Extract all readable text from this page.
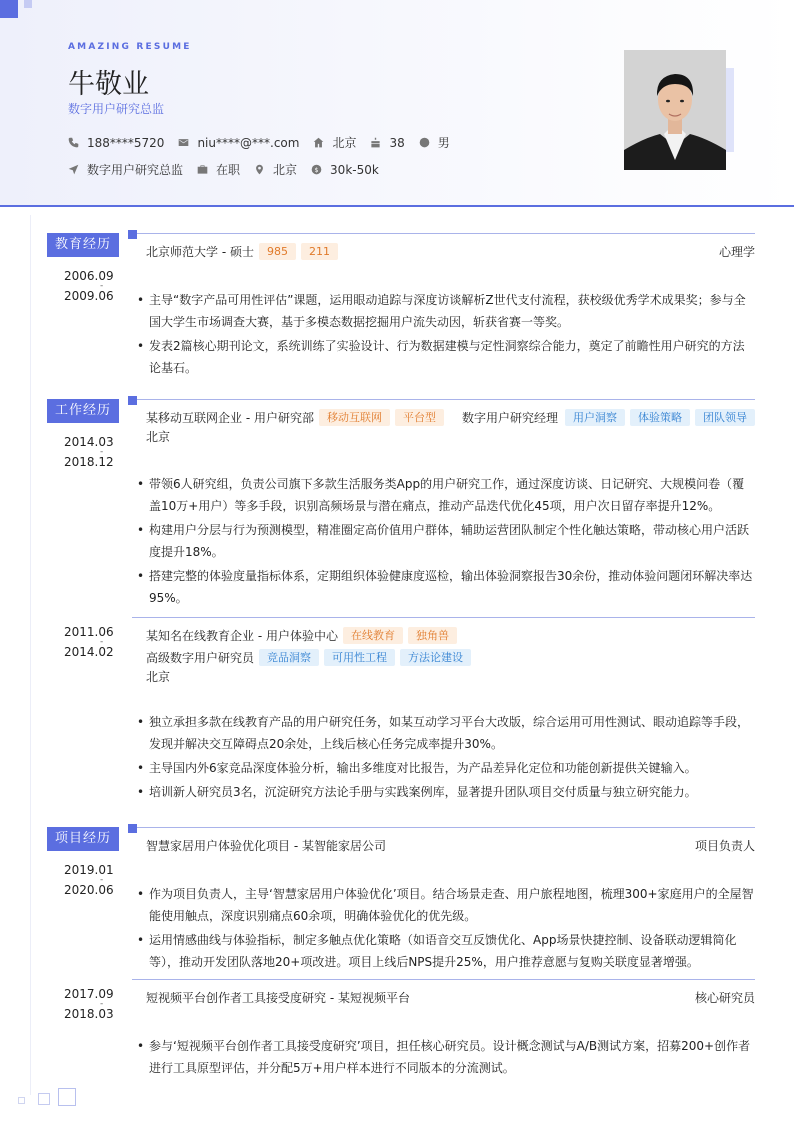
AMAZING RESUME
牛敬业
数字用户研究总监
188****5720	niu****@***.com	北京	38	男
数字用户研究总监	在职	北京 $ 30k-50k
教育经历	北京师范大学 - 硕士	985	211	心理学
2006.09
-
2009.06	• 主导“数字产品可用性评估”课题，运用眼动追踪与深度访谈解析Z世代支付流程，获校级优秀学术成果奖；参与全国大学生市场调查大赛，基于多模态数据挖掘用户流失动因，斩获省赛一等奖。
• 发表2篇核心期刊论文，系统训练了实验设计、行为数据建模与定性洞察综合能力，奠定了前瞻性用户研究的方法论基石。
工作经历	某移动互联网企业 - 用户研究部	移动互联网	平台型	数字用户研究经理	用户洞察	体验策略	团队领导
北京
2014.03
-
2018.12
• 带领6人研究组，负责公司旗下多款生活服务类App的用户研究工作，通过深度访谈、日记研究、大规模问卷（覆盖10万+用户）等多手段，识别高频场景与潜在痛点，推动产品迭代优化45项，用户次日留存率提升12%。
• 构建用户分层与行为预测模型，精准圈定高价值用户群体，辅助运营团队制定个性化触达策略，带动核心用户活跃度提升18%。
• 搭建完整的体验度量指标体系，定期组织体验健康度巡检，输出体验洞察报告30余份，推动体验问题闭环解决率达95%。
某知名在线教育企业 - 用户体验中心	在线教育	独角兽
高级数字用户研究员	竞品洞察	可用性工程	方法论建设
北京
2011.06
-
2014.02
• 独立承担多款在线教育产品的用户研究任务，如某互动学习平台大改版，综合运用可用性测试、眼动追踪等手段，发现并解决交互障碍点20余处，上线后核心任务完成率提升30%。
• 主导国内外6家竞品深度体验分析，输出多维度对比报告，为产品差异化定位和功能创新提供关键输入。
• 培训新人研究员3名，沉淀研究方法论手册与实践案例库，显著提升团队项目交付质量与独立研究能力。
项目经历	智慧家居用户体验优化项目 - 某智能家居公司	项目负责人
2019.01
-
2020.06	• 作为项目负责人，主导‘智慧家居用户体验优化’项目。结合场景走查、用户旅程地图，梳理300+家庭用户的全屋智能使用触点，深度识别痛点60余项，明确体验优化的优先级。
• 运用情感曲线与体验指标，制定多触点优化策略（如语音交互反馈优化、App场景快捷控制、设备联动逻辑简化等），推动开发团队落地20+项改进。项目上线后NPS提升25%，用户推荐意愿与复购关联度显著增强。
短视频平台创作者工具接受度研究 - 某短视频平台	核心研究员
2017.09
-
2018.03
• 参与‘短视频平台创作者工具接受度研究’项目，担任核心研究员。设计概念测试与A/B测试方案，招募200+创作者进行工具原型评估，并分配5万+用户样本进行不同版本的分流测试。
